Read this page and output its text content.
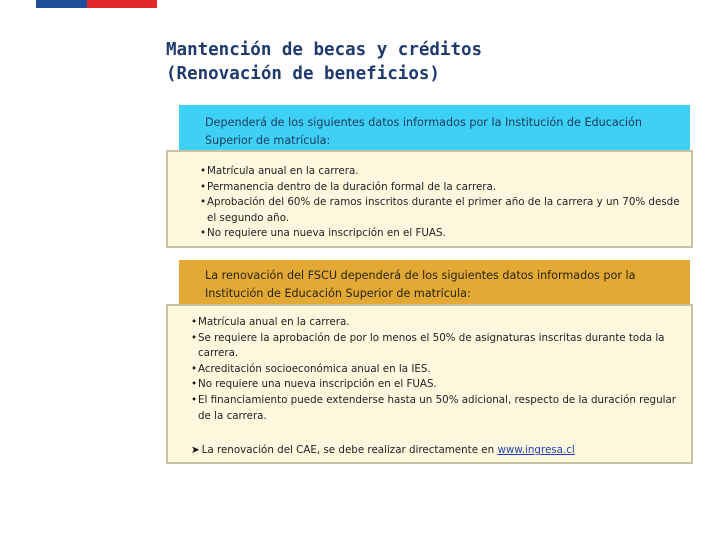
Mantención de becas y créditos
(Renovación de beneficios)
Dependerá de los siguientes datos informados por la Institución de Educación Superior de matrícula:
• Matrícula anual en la carrera.
• Permanencia dentro de la duración formal de la carrera.
• Aprobación del 60% de ramos inscritos durante el primer año de la carrera y un 70% desde el segundo año.
• No requiere una nueva inscripción en el FUAS.
La renovación del FSCU dependerá de los siguientes datos informados por la Institución de Educación Superior de matrícula:
• Matrícula anual en la carrera.
• Se requiere la aprobación de por lo menos el 50% de asignaturas inscritas durante toda la carrera.
• Acreditación socioeconómica anual en la IES.
• No requiere una nueva inscripción en el FUAS.
• El financiamiento puede extenderse hasta un 50% adicional, respecto de la duración regular de la carrera.
➤ La renovación del CAE, se debe realizar directamente en www.ingresa.cl
